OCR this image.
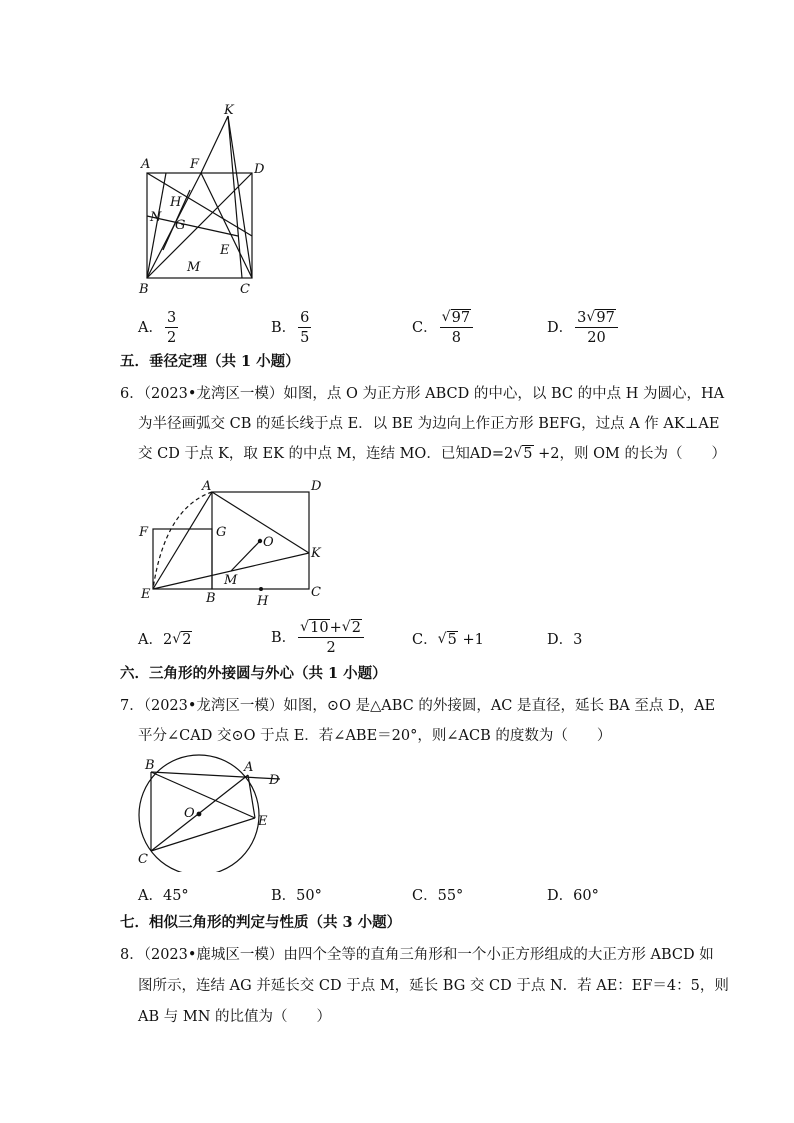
K
A	F	D
H
N
G
E
M
B	C
A． $\frac{3}{2}$	B． $\frac{6}{5}$	C． √ $\frac{97}{8}$	D． $\frac{3 √ 97}{20}$
五．垂径定理（共 1 小题）
6．（2023•龙湾区一模）如图，点 O 为正方形 ABCD 的中心，以 BC 的中点 H 为圆心，HA
为半径画弧交 CB 的延长线于点 E．以 BE 为边向上作正方形 BEFG，过点 A 作 AK⊥AE
交 CD 于点 K，取 EK 的中点 M，连结 MO．已知AD=2 √ 5 +2，则 OM 的长为（　　）
A	D
F	G
O
K
M
E	B	H
C
A．2 √ 2	B． √ $\frac{10+ √ 2}{2}$	C． √ 5 +1	D．3
六．三角形的外接圆与外心（共 1 小题）
7．（2023•龙湾区一模）如图，⊙O 是△ABC 的外接圆，AC 是直径，延长 BA 至点 D，AE
平分∠CAD 交⊙O 于点 E．若∠ABE＝20°，则∠ACB 的度数为（　　）
B	A
D
O
E
C
A．45°	B．50°	C．55°	D．60°
七．相似三角形的判定与性质（共 3 小题）
8．（2023•鹿城区一模）由四个全等的直角三角形和一个小正方形组成的大正方形 ABCD 如
图所示，连结 AG 并延长交 CD 于点 M，延长 BG 交 CD 于点 N．若 AE：EF＝4：5，则
AB 与 MN 的比值为（　　）
